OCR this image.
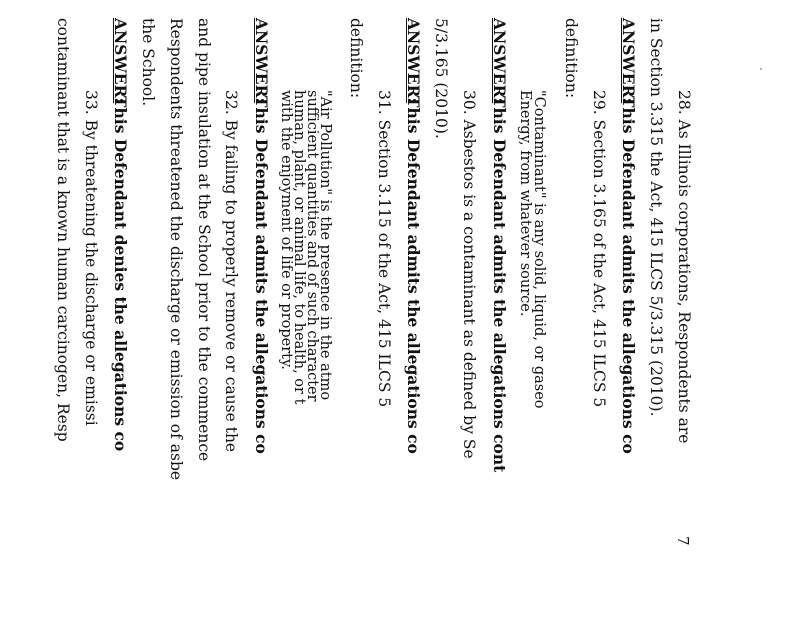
28. As Illinois corporations, Respondents are
in Section 3.315 the Act, 415 ILCS 5/3.315 (2010).
ANSWER:
This Defendant admits the allegations co
29. Section 3.165 of the Act, 415 ILCS 5
definition:
"Contaminant" is any solid, liquid, or gaseo
Energy, from whatever source.
ANSWER:
This Defendant admits the allegations cont
30. Asbestos is a contaminant as defined by Se
5/3.165 (2010).
ANSWER:
This Defendant admits the allegations co
31. Section 3.115 of the Act, 415 ILCS 5
definition:
"Air Pollution" is the presence in the atmo
sufficient quantities and of such character
human, plant, or animal life, to health, or t
with the enjoyment of life or property.
ANSWER:
This Defendant admits the allegations co
32. By failing to properly remove or cause the
and pipe insulation at the School prior to the commence
Respondents threatened the discharge or emission of asbe
the School.
ANSWER:
This Defendant denies the allegations co
33. By threatening the discharge or emissi
contaminant that is a known human carcinogen, Resp
7
